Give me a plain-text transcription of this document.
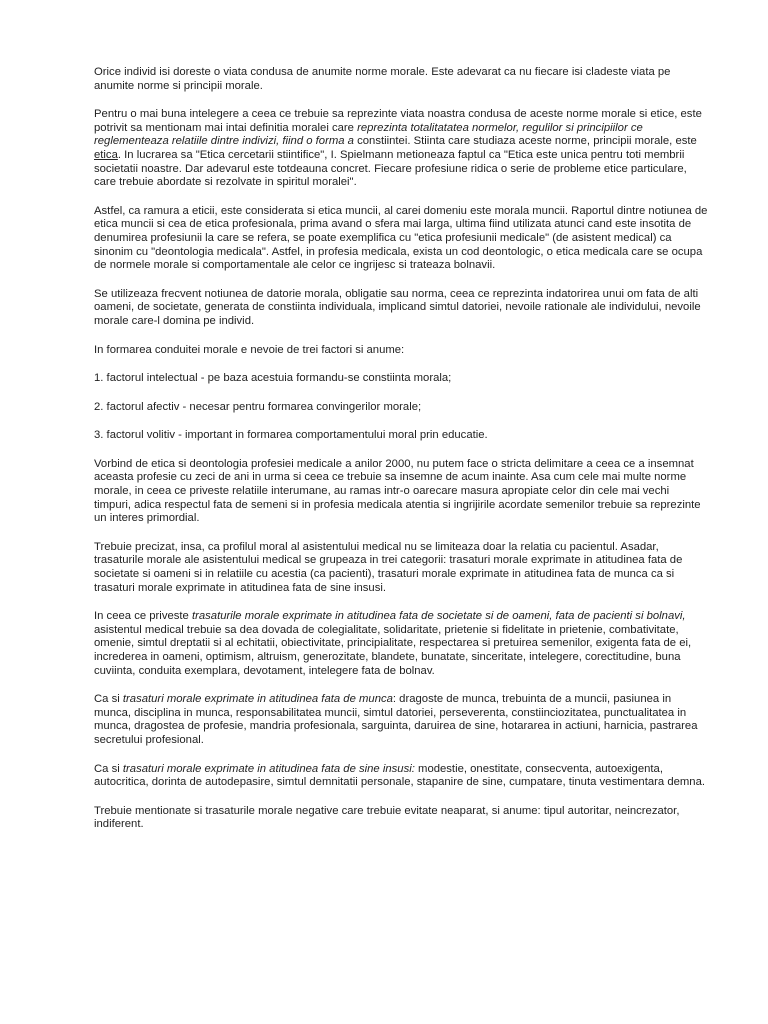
Orice individ isi doreste o viata condusa de anumite norme morale. Este adevarat ca nu fiecare isi cladeste viata pe anumite norme si principii morale.

Pentru o mai buna intelegere a ceea ce trebuie sa reprezinte viata noastra condusa de aceste norme morale si etice, este potrivit sa mentionam mai intai definitia moralei care reprezinta totalitatatea normelor, regulilor si principiilor ce reglementeaza relatiile dintre indivizi, fiind o forma a constiintei. Stiinta care studiaza aceste norme, principii morale, este etica. In lucrarea sa "Etica cercetarii stiintifice", I. Spielmann metioneaza faptul ca "Etica este unica pentru toti membrii societatii noastre. Dar adevarul este totdeauna concret. Fiecare profesiune ridica o serie de probleme etice particulare, care trebuie abordate si rezolvate in spiritul moralei".

Astfel, ca ramura a eticii, este considerata si etica muncii, al carei domeniu este morala muncii. Raportul dintre notiunea de etica muncii si cea de etica profesionala, prima avand o sfera mai larga, ultima fiind utilizata atunci cand este insotita de denumirea profesiunii la care se refera, se poate exemplifica cu "etica profesiunii medicale" (de asistent medical) ca sinonim cu "deontologia medicala". Astfel, in profesia medicala, exista un cod deontologic, o etica medicala care se ocupa de normele morale si comportamentale ale celor ce ingrijesc si trateaza bolnavii.

Se utilizeaza frecvent notiunea de datorie morala, obligatie sau norma, ceea ce reprezinta indatorirea unui om fata de alti oameni, de societate, generata de constiinta individuala, implicand simtul datoriei, nevoile rationale ale individului, nevoile morale care-l domina pe individ.

In formarea conduitei morale e nevoie de trei factori si anume:

1. factorul intelectual - pe baza acestuia formandu-se constiinta morala;

2. factorul afectiv - necesar pentru formarea convingerilor morale;

3. factorul volitiv - important in formarea comportamentului moral prin educatie.

Vorbind de etica si deontologia profesiei medicale a anilor 2000, nu putem face o stricta delimitare a ceea ce a insemnat aceasta profesie cu zeci de ani in urma si ceea ce trebuie sa insemne de acum inainte. Asa cum cele mai multe norme morale, in ceea ce priveste relatiile interumane, au ramas intr-o oarecare masura apropiate celor din cele mai vechi timpuri, adica respectul fata de semeni si in profesia medicala atentia si ingrijirile acordate semenilor trebuie sa reprezinte un interes primordial.

Trebuie precizat, insa, ca profilul moral al asistentului medical nu se limiteaza doar la relatia cu pacientul. Asadar, trasaturile morale ale asistentului medical se grupeaza in trei categorii: trasaturi morale exprimate in atitudinea fata de societate si oameni si in relatiile cu acestia (ca pacienti), trasaturi morale exprimate in atitudinea fata de munca ca si trasaturi morale exprimate in atitudinea fata de sine insusi.

In ceea ce priveste trasaturile morale exprimate in atitudinea fata de societate si de oameni, fata de pacienti si bolnavi, asistentul medical trebuie sa dea dovada de colegialitate, solidaritate, prietenie si fidelitate in prietenie, combativitate, omenie, simtul dreptatii si al echitatii, obiectivitate, principialitate, respectarea si pretuirea semenilor, exigenta fata de ei, increderea in oameni, optimism, altruism, generozitate, blandete, bunatate, sinceritate, intelegere, corectitudine, buna cuviinta, conduita exemplara, devotament, intelegere fata de bolnav.

Ca si trasaturi morale exprimate in atitudinea fata de munca: dragoste de munca, trebuinta de a muncii, pasiunea in munca, disciplina in munca, responsabilitatea muncii, simtul datoriei, perseverenta, constiinciozitatea, punctualitatea in munca, dragostea de profesie, mandria profesionala, sarguinta, daruirea de sine, hotararea in actiuni, harnicia, pastrarea secretului profesional.

Ca si trasaturi morale exprimate in atitudinea fata de sine insusi: modestie, onestitate, consecventa, autoexigenta, autocritica, dorinta de autodepasire, simtul demnitatii personale, stapanire de sine, cumpatare, tinuta vestimentara demna.

Trebuie mentionate si trasaturile morale negative care trebuie evitate neaparat, si anume: tipul autoritar, neincrezator, indiferent.
